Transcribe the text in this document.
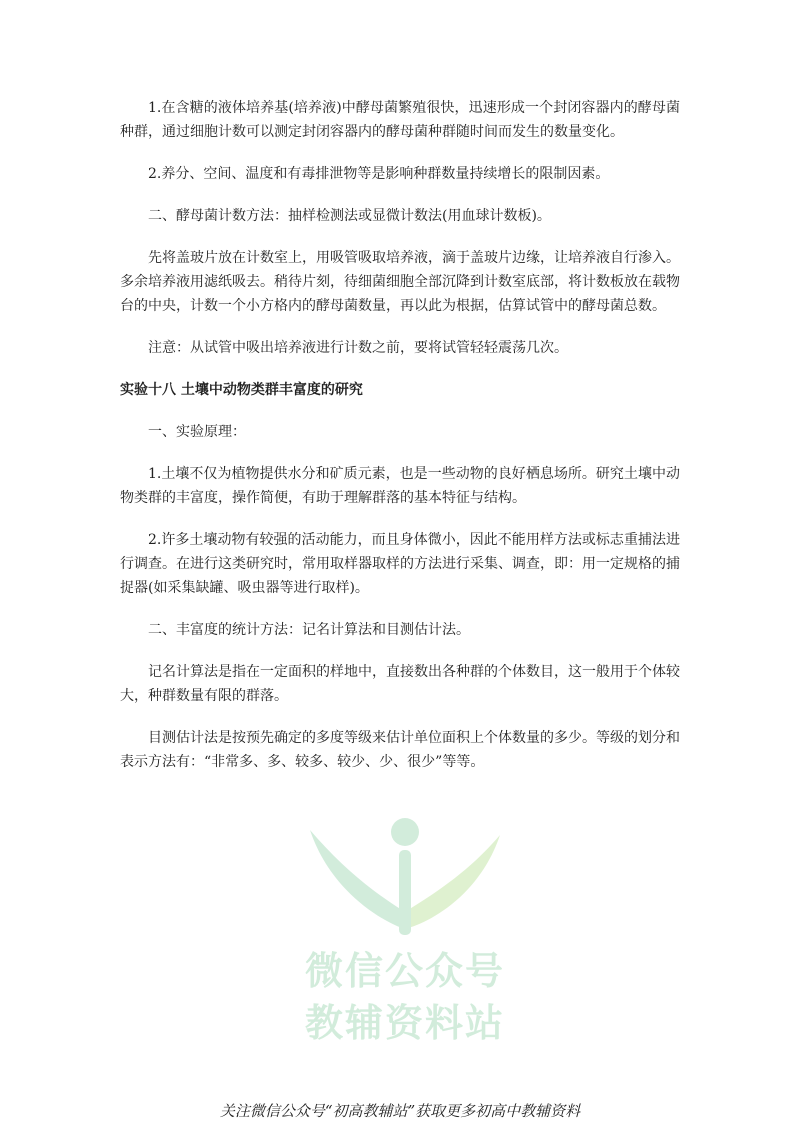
1.在含糖的液体培养基(培养液)中酵母菌繁殖很快，迅速形成一个封闭容器内的酵母菌种群，通过细胞计数可以测定封闭容器内的酵母菌种群随时间而发生的数量变化。

2.养分、空间、温度和有毒排泄物等是影响种群数量持续增长的限制因素。

二、酵母菌计数方法：抽样检测法或显微计数法(用血球计数板)。

先将盖玻片放在计数室上，用吸管吸取培养液，滴于盖玻片边缘，让培养液自行渗入。多余培养液用滤纸吸去。稍待片刻，待细菌细胞全部沉降到计数室底部，将计数板放在载物台的中央，计数一个小方格内的酵母菌数量，再以此为根据，估算试管中的酵母菌总数。

注意：从试管中吸出培养液进行计数之前，要将试管轻轻震荡几次。

实验十八 土壤中动物类群丰富度的研究

一、实验原理：

1.土壤不仅为植物提供水分和矿质元素，也是一些动物的良好栖息场所。研究土壤中动物类群的丰富度，操作简便，有助于理解群落的基本特征与结构。

2.许多土壤动物有较强的活动能力，而且身体微小，因此不能用样方法或标志重捕法进行调查。在进行这类研究时，常用取样器取样的方法进行采集、调查，即：用一定规格的捕捉器(如采集缺罐、吸虫器等进行取样)。

二、丰富度的统计方法：记名计算法和目测估计法。

记名计算法是指在一定面积的样地中，直接数出各种群的个体数目，这一般用于个体较大，种群数量有限的群落。

目测估计法是按预先确定的多度等级来估计单位面积上个体数量的多少。等级的划分和表示方法有：“非常多、多、较多、较少、少、很少”等等。

微信公众号
教辅资料站
关注微信公众号“初高教辅站”获取更多初高中教辅资料
